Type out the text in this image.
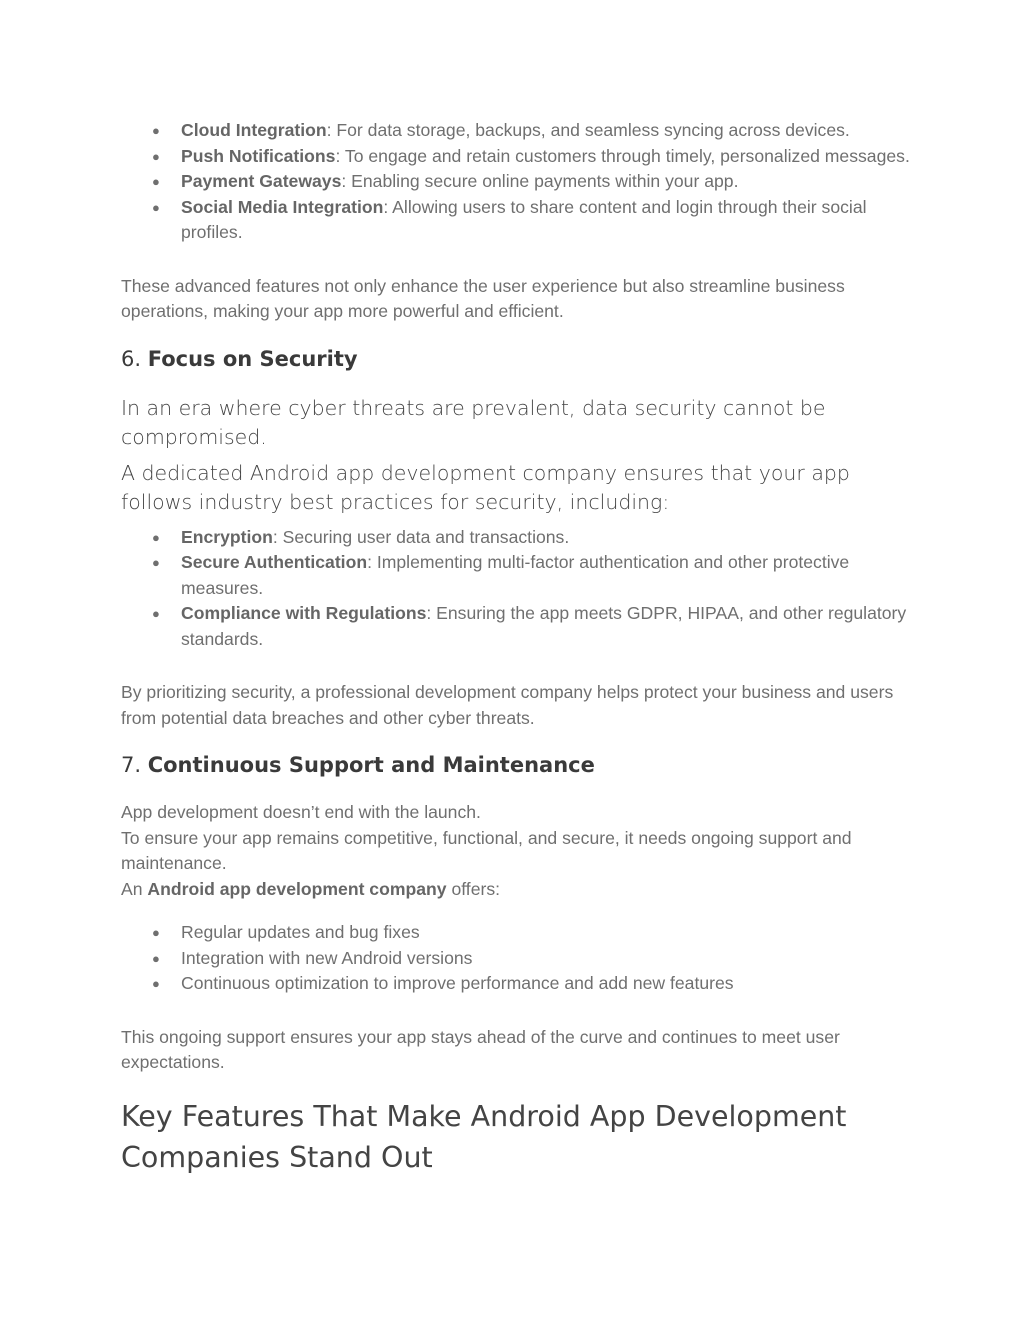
● Cloud Integration: For data storage, backups, and seamless syncing across devices.
● Push Notifications: To engage and retain customers through timely, personalized messages.
● Payment Gateways: Enabling secure online payments within your app.
● Social Media Integration: Allowing users to share content and login through their social profiles.

These advanced features not only enhance the user experience but also streamline business operations, making your app more powerful and efficient.

6. Focus on Security

In an era where cyber threats are prevalent, data security cannot be compromised.

A dedicated Android app development company ensures that your app follows industry best practices for security, including:

● Encryption: Securing user data and transactions.
● Secure Authentication: Implementing multi-factor authentication and other protective measures.
● Compliance with Regulations: Ensuring the app meets GDPR, HIPAA, and other regulatory standards.

By prioritizing security, a professional development company helps protect your business and users from potential data breaches and other cyber threats.

7. Continuous Support and Maintenance

App development doesn’t end with the launch.

To ensure your app remains competitive, functional, and secure, it needs ongoing support and maintenance.

An Android app development company offers:

● Regular updates and bug fixes
● Integration with new Android versions
● Continuous optimization to improve performance and add new features

This ongoing support ensures your app stays ahead of the curve and continues to meet user expectations.

Key Features That Make Android App Development Companies Stand Out
